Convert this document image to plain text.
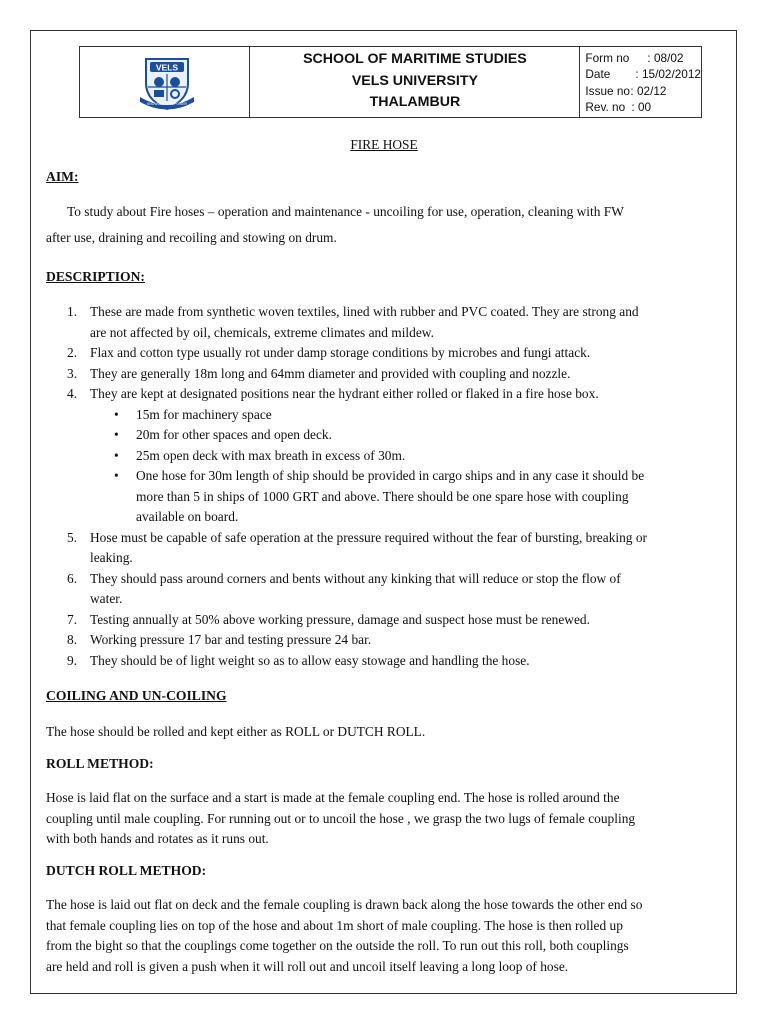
VELS
KNOWLEDGE IS POWER
SCHOOL OF MARITIME STUDIES
VELS UNIVERSITY
THALAMBUR
Form no	: 08/02
Date	: 15/02/2012
Issue no : 02/12
Rev. no : 00
FIRE HOSE
AIM:
To study about Fire hoses – operation and maintenance - uncoiling for use, operation, cleaning with FW
after use, draining and recoiling and stowing on drum.
DESCRIPTION:
1. These are made from synthetic woven textiles, lined with rubber and PVC coated. They are strong and
are not affected by oil, chemicals, extreme climates and mildew.
2. Flax and cotton type usually rot under damp storage conditions by microbes and fungi attack.
3. They are generally 18m long and 64mm diameter and provided with coupling and nozzle.
4. They are kept at designated positions near the hydrant either rolled or flaked in a fire hose box.
• 15m for machinery space
• 20m for other spaces and open deck.
• 25m open deck with max breath in excess of 30m.
• One hose for 30m length of ship should be provided in cargo ships and in any case it should be
more than 5 in ships of 1000 GRT and above. There should be one spare hose with coupling
available on board.
5. Hose must be capable of safe operation at the pressure required without the fear of bursting, breaking or
leaking.
6. They should pass around corners and bents without any kinking that will reduce or stop the flow of
water.
7. Testing annually at 50% above working pressure, damage and suspect hose must be renewed.
8. Working pressure 17 bar and testing pressure 24 bar.
9. They should be of light weight so as to allow easy stowage and handling the hose.
COILING AND UN-COILING
The hose should be rolled and kept either as ROLL or DUTCH ROLL.
ROLL METHOD:
Hose is laid flat on the surface and a start is made at the female coupling end. The hose is rolled around the
coupling until male coupling. For running out or to uncoil the hose , we grasp the two lugs of female coupling
with both hands and rotates as it runs out.
DUTCH ROLL METHOD:
The hose is laid out flat on deck and the female coupling is drawn back along the hose towards the other end so
that female coupling lies on top of the hose and about 1m short of male coupling. The hose is then rolled up
from the bight so that the couplings come together on the outside the roll. To run out this roll, both couplings
are held and roll is given a push when it will roll out and uncoil itself leaving a long loop of hose.
